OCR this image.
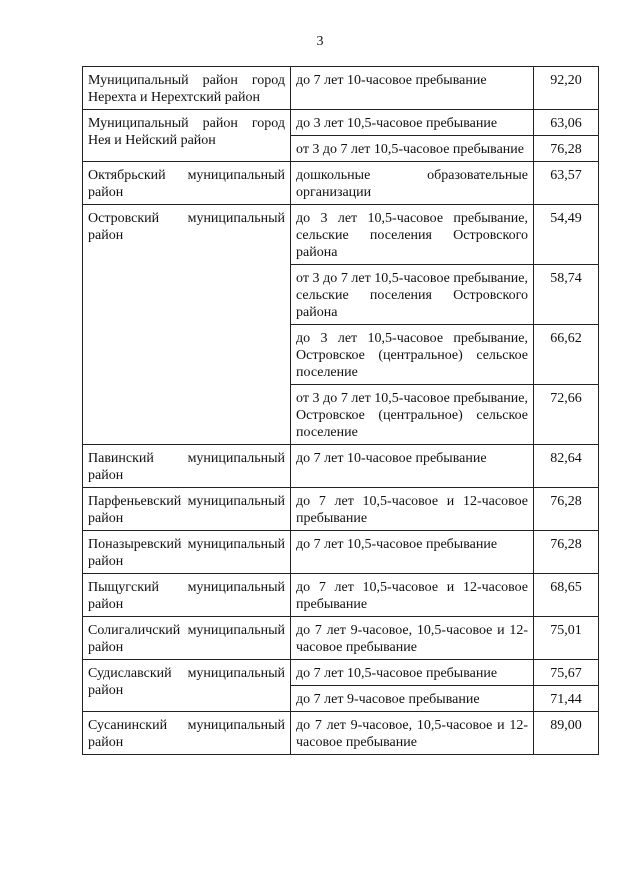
3
Муниципальный район город Нерехта и Нерехтский район	до 7 лет 10-часовое пребывание	92,20

Муниципальный район город Нея и Нейский район	до 3 лет 10,5-часовое пребывание	63,06
	от 3 до 7 лет 10,5-часовое пребывание	76,28

Октябрьский муниципальный район	дошкольные образовательные организации	63,57

Островский муниципальный район	до 3 лет 10,5-часовое пребывание, сельские поселения Островского района	54,49
	от 3 до 7 лет 10,5-часовое пребывание, сельские поселения Островского района	58,74
	до 3 лет 10,5-часовое пребывание, Островское (центральное) сельское поселение	66,62
	от 3 до 7 лет 10,5-часовое пребывание, Островское (центральное) сельское поселение	72,66

Павинский муниципальный район	до 7 лет 10-часовое пребывание	82,64

Парфеньевский муниципальный район	до 7 лет 10,5-часовое и 12-часовое пребывание	76,28

Поназыревский муниципальный район	до 7 лет 10,5-часовое пребывание	76,28

Пыщугский муниципальный район	до 7 лет 10,5-часовое и 12-часовое пребывание	68,65

Солигаличский муниципальный район	до 7 лет 9-часовое, 10,5-часовое и 12-часовое пребывание	75,01

Судиславский муниципальный район	до 7 лет 10,5-часовое пребывание	75,67
	до 7 лет 9-часовое пребывание	71,44

Сусанинский муниципальный район	до 7 лет 9-часовое, 10,5-часовое и 12-часовое пребывание	89,00
